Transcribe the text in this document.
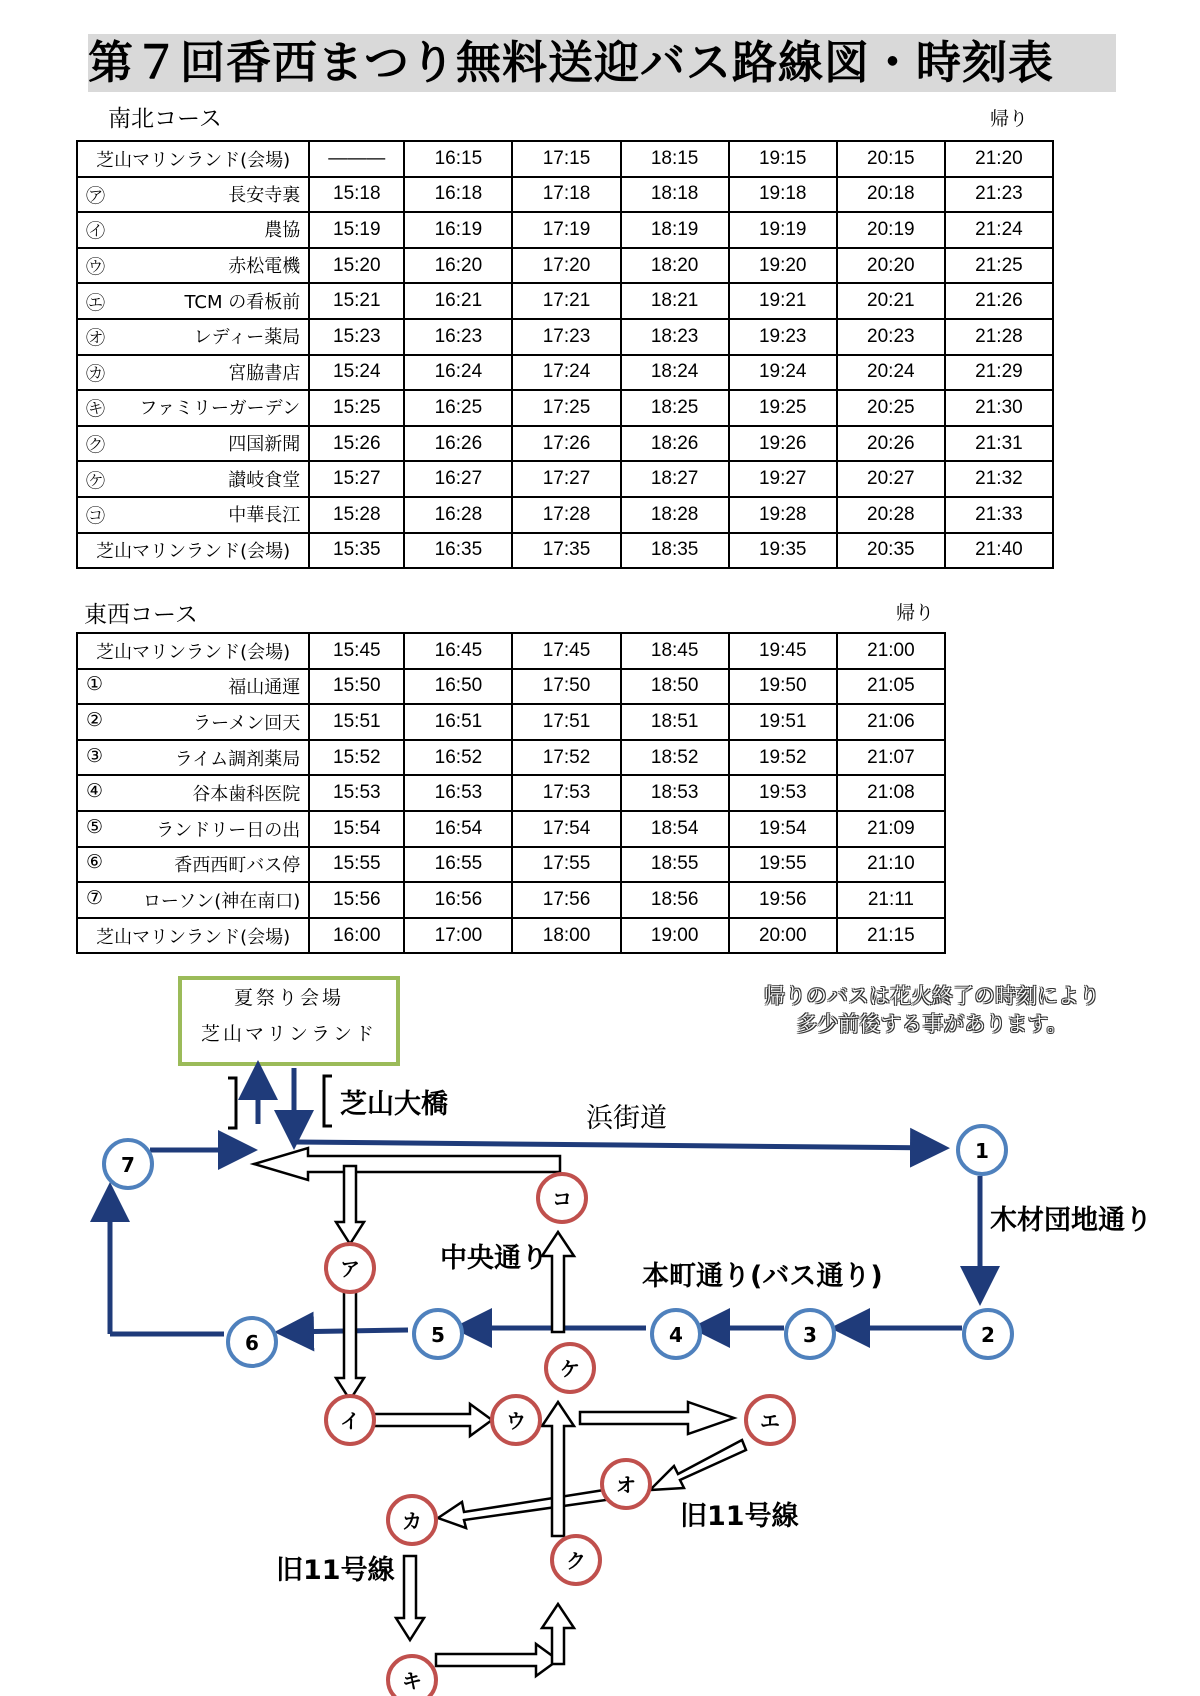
第７回香西まつり無料送迎バス路線図・時刻表
南北コース	帰り
芝山マリンランド(会場)	———	16:15	17:15	18:15	19:15	20:15	21:20
㋐ 長安寺裏	15:18	16:18	17:18	18:18	19:18	20:18	21:23
㋑ 農協	15:19	16:19	17:19	18:19	19:19	20:19	21:24
㋒ 赤松電機	15:20	16:20	17:20	18:20	19:20	20:20	21:25
㋓ TCM の看板前	15:21	16:21	17:21	18:21	19:21	20:21	21:26
㋔ レディー薬局	15:23	16:23	17:23	18:23	19:23	20:23	21:28
㋕ 宮脇書店	15:24	16:24	17:24	18:24	19:24	20:24	21:29
㋖ ファミリーガーデン	15:25	16:25	17:25	18:25	19:25	20:25	21:30
㋗ 四国新聞	15:26	16:26	17:26	18:26	19:26	20:26	21:31
㋘ 讃岐食堂	15:27	16:27	17:27	18:27	19:27	20:27	21:32
㋙ 中華長江	15:28	16:28	17:28	18:28	19:28	20:28	21:33
芝山マリンランド(会場)	15:35	16:35	17:35	18:35	19:35	20:35	21:40
東西コース	帰り
芝山マリンランド(会場)	15:45	16:45	17:45	18:45	19:45	21:00
① 福山通運	15:50	16:50	17:50	18:50	19:50	21:05
② ラーメン回天	15:51	16:51	17:51	18:51	19:51	21:06
③ ライム調剤薬局	15:52	16:52	17:52	18:52	19:52	21:07
④ 谷本歯科医院	15:53	16:53	17:53	18:53	19:53	21:08
⑤ ランドリー日の出	15:54	16:54	17:54	18:54	19:54	21:09
⑥ 香西西町バス停	15:55	16:55	17:55	18:55	19:55	21:10
⑦ ローソン(神在南口)	15:56	16:56	17:56	18:56	19:56	21:11
芝山マリンランド(会場)	16:00	17:00	18:00	19:00	20:00	21:15
夏祭り会場
芝山マリンランド
帰りのバスは花火終了の時刻により
多少前後する事があります。
1
2
3
4
5
6
7
ア
イ	ウ	エ
オ
カ
キ
ク
ケ
コ
芝山大橋	浜街道
木材団地通り
中央通り
本町通り(バス通り)
旧11号線
旧11号線
